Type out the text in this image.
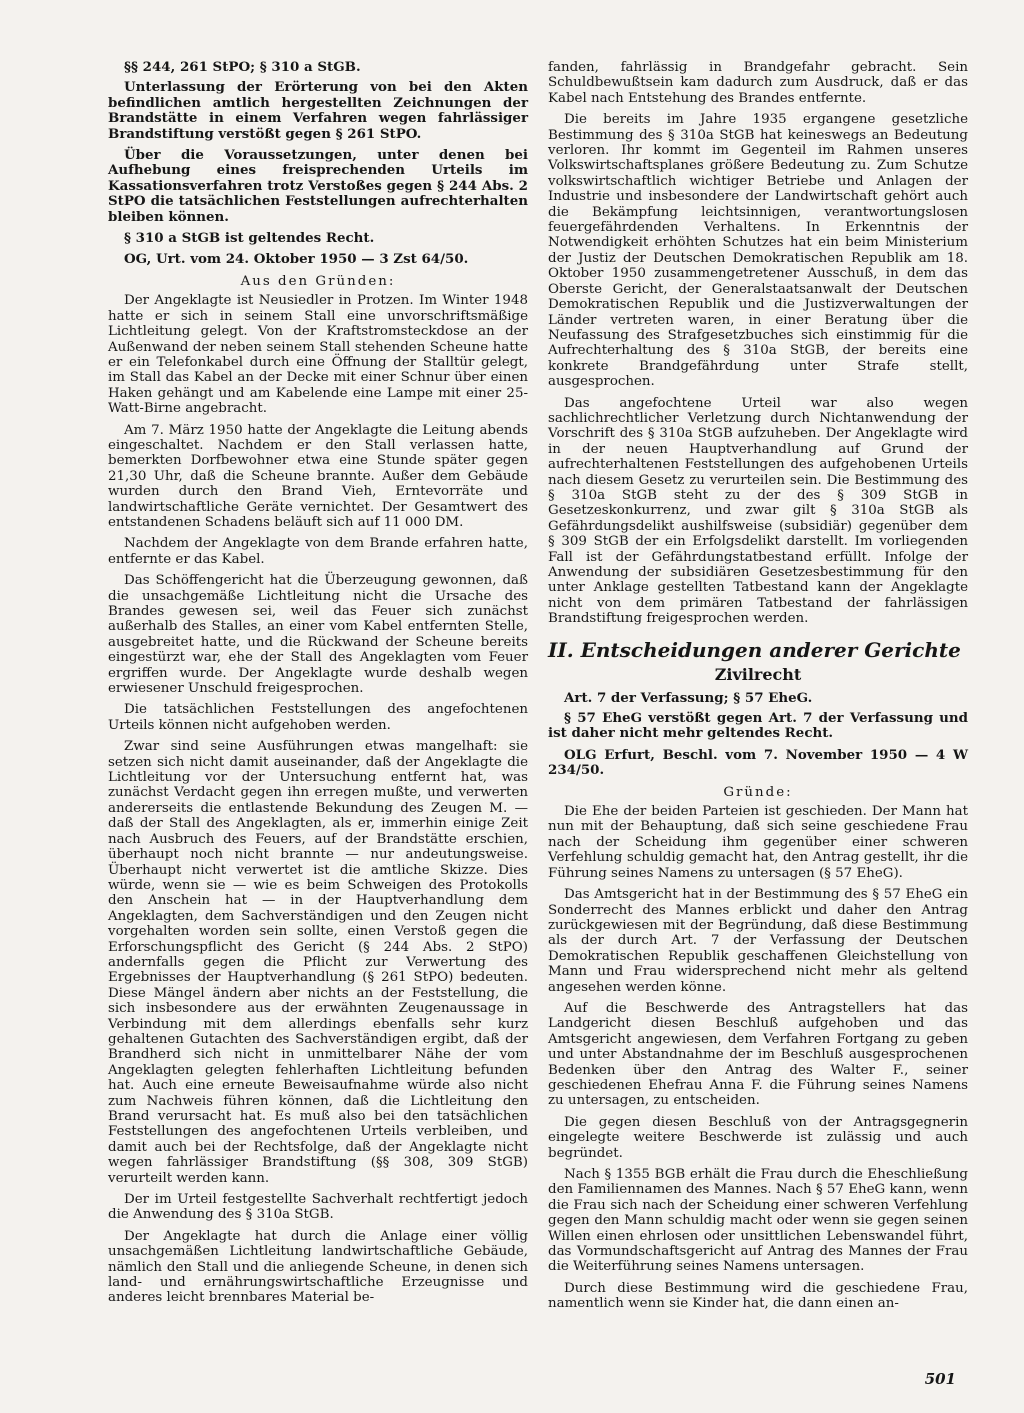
§§ 244, 261 StPO; § 310 a StGB.

Unterlassung der Erörterung von bei den Akten befindlichen amtlich hergestellten Zeichnungen der Brandstätte in einem Verfahren wegen fahrlässiger Brandstiftung verstößt gegen § 261 StPO.

Über die Voraussetzungen, unter denen bei Aufhebung eines freisprechenden Urteils im Kassationsverfahren trotz Verstoßes gegen § 244 Abs. 2 StPO die tatsächlichen Feststellungen aufrechterhalten bleiben können.

§ 310 a StGB ist geltendes Recht.

OG, Urt. vom 24. Oktober 1950 — 3 Zst 64/50.

Aus den Gründen:

Der Angeklagte ist Neusiedler in Protzen. Im Winter 1948 hatte er sich in seinem Stall eine unvorschriftsmäßige Lichtleitung gelegt. Von der Kraftstromsteckdose an der Außenwand der neben seinem Stall stehenden Scheune hatte er ein Telefonkabel durch eine Öffnung der Stalltür gelegt, im Stall das Kabel an der Decke mit einer Schnur über einen Haken gehängt und am Kabelende eine Lampe mit einer 25-Watt-Birne angebracht.

Am 7. März 1950 hatte der Angeklagte die Leitung abends eingeschaltet. Nachdem er den Stall verlassen hatte, bemerkten Dorfbewohner etwa eine Stunde später gegen 21,30 Uhr, daß die Scheune brannte. Außer dem Gebäude wurden durch den Brand Vieh, Erntevorräte und landwirtschaftliche Geräte vernichtet. Der Gesamtwert des entstandenen Schadens beläuft sich auf 11 000 DM.

Nachdem der Angeklagte von dem Brande erfahren hatte, entfernte er das Kabel.

Das Schöffengericht hat die Überzeugung gewonnen, daß die unsachgemäße Lichtleitung nicht die Ursache des Brandes gewesen sei, weil das Feuer sich zunächst außerhalb des Stalles, an einer vom Kabel entfernten Stelle, ausgebreitet hatte, und die Rückwand der Scheune bereits eingestürzt war, ehe der Stall des Angeklagten vom Feuer ergriffen wurde. Der Angeklagte wurde deshalb wegen erwiesener Unschuld freigesprochen.

Die tatsächlichen Feststellungen des angefochtenen Urteils können nicht aufgehoben werden.

Zwar sind seine Ausführungen etwas mangelhaft: sie setzen sich nicht damit auseinander, daß der Angeklagte die Lichtleitung vor der Untersuchung entfernt hat, was zunächst Verdacht gegen ihn erregen mußte, und verwerten andererseits die entlastende Bekundung des Zeugen M. — daß der Stall des Angeklagten, als er, immerhin einige Zeit nach Ausbruch des Feuers, auf der Brandstätte erschien, überhaupt noch nicht brannte — nur andeutungsweise. Überhaupt nicht verwertet ist die amtliche Skizze. Dies würde, wenn sie — wie es beim Schweigen des Protokolls den Anschein hat — in der Hauptverhandlung dem Angeklagten, dem Sachverständigen und den Zeugen nicht vorgehalten worden sein sollte, einen Verstoß gegen die Erforschungspflicht des Gericht (§ 244 Abs. 2 StPO) andernfalls gegen die Pflicht zur Verwertung des Ergebnisses der Hauptverhandlung (§ 261 StPO) bedeuten. Diese Mängel ändern aber nichts an der Feststellung, die sich insbesondere aus der erwähnten Zeugenaussage in Verbindung mit dem allerdings ebenfalls sehr kurz gehaltenen Gutachten des Sachverständigen ergibt, daß der Brandherd sich nicht in unmittelbarer Nähe der vom Angeklagten gelegten fehlerhaften Lichtleitung befunden hat. Auch eine erneute Beweisaufnahme würde also nicht zum Nachweis führen können, daß die Lichtleitung den Brand verursacht hat. Es muß also bei den tatsächlichen Feststellungen des angefochtenen Urteils verbleiben, und damit auch bei der Rechtsfolge, daß der Angeklagte nicht wegen fahrlässiger Brandstiftung (§§ 308, 309 StGB) verurteilt werden kann.

Der im Urteil festgestellte Sachverhalt rechtfertigt jedoch die Anwendung des § 310a StGB.

Der Angeklagte hat durch die Anlage einer völlig unsachgemäßen Lichtleitung landwirtschaftliche Gebäude, nämlich den Stall und die anliegende Scheune, in denen sich land- und ernährungswirtschaftliche Erzeugnisse und anderes leicht brennbares Material be-

fanden, fahrlässig in Brandgefahr gebracht. Sein Schuldbewußtsein kam dadurch zum Ausdruck, daß er das Kabel nach Entstehung des Brandes entfernte.

Die bereits im Jahre 1935 ergangene gesetzliche Bestimmung des § 310a StGB hat keineswegs an Bedeutung verloren. Ihr kommt im Gegenteil im Rahmen unseres Volkswirtschaftsplanes größere Bedeutung zu. Zum Schutze volkswirtschaftlich wichtiger Betriebe und Anlagen der Industrie und insbesondere der Landwirtschaft gehört auch die Bekämpfung leichtsinnigen, verantwortungslosen feuergefährdenden Verhaltens. In Erkenntnis der Notwendigkeit erhöhten Schutzes hat ein beim Ministerium der Justiz der Deutschen Demokratischen Republik am 18. Oktober 1950 zusammengetretener Ausschuß, in dem das Oberste Gericht, der Generalstaatsanwalt der Deutschen Demokratischen Republik und die Justizverwaltungen der Länder vertreten waren, in einer Beratung über die Neufassung des Strafgesetzbuches sich einstimmig für die Aufrechterhaltung des § 310a StGB, der bereits eine konkrete Brandgefährdung unter Strafe stellt, ausgesprochen.

Das angefochtene Urteil war also wegen sachlichrechtlicher Verletzung durch Nichtanwendung der Vorschrift des § 310a StGB aufzuheben. Der Angeklagte wird in der neuen Hauptverhandlung auf Grund der aufrechterhaltenen Feststellungen des aufgehobenen Urteils nach diesem Gesetz zu verurteilen sein. Die Bestimmung des § 310a StGB steht zu der des § 309 StGB in Gesetzeskonkurrenz, und zwar gilt § 310a StGB als Gefährdungsdelikt aushilfsweise (subsidiär) gegenüber dem § 309 StGB der ein Erfolgsdelikt darstellt. Im vorliegenden Fall ist der Gefährdungstatbestand erfüllt. Infolge der Anwendung der subsidiären Gesetzesbestimmung für den unter Anklage gestellten Tatbestand kann der Angeklagte nicht von dem primären Tatbestand der fahrlässigen Brandstiftung freigesprochen werden.

II. Entscheidungen anderer Gerichte
Zivilrecht
Art. 7 der Verfassung; § 57 EheG.

§ 57 EheG verstößt gegen Art. 7 der Verfassung und ist daher nicht mehr geltendes Recht.

OLG Erfurt, Beschl. vom 7. November 1950 — 4 W 234/50.

Gründe:

Die Ehe der beiden Parteien ist geschieden. Der Mann hat nun mit der Behauptung, daß sich seine geschiedene Frau nach der Scheidung ihm gegenüber einer schweren Verfehlung schuldig gemacht hat, den Antrag gestellt, ihr die Führung seines Namens zu untersagen (§ 57 EheG).

Das Amtsgericht hat in der Bestimmung des § 57 EheG ein Sonderrecht des Mannes erblickt und daher den Antrag zurückgewiesen mit der Begründung, daß diese Bestimmung als der durch Art. 7 der Verfassung der Deutschen Demokratischen Republik geschaffenen Gleichstellung von Mann und Frau widersprechend nicht mehr als geltend angesehen werden könne.

Auf die Beschwerde des Antragstellers hat das Landgericht diesen Beschluß aufgehoben und das Amtsgericht angewiesen, dem Verfahren Fortgang zu geben und unter Abstandnahme der im Beschluß ausgesprochenen Bedenken über den Antrag des Walter F., seiner geschiedenen Ehefrau Anna F. die Führung seines Namens zu untersagen, zu entscheiden.

Die gegen diesen Beschluß von der Antragsgegnerin eingelegte weitere Beschwerde ist zulässig und auch begründet.

Nach § 1355 BGB erhält die Frau durch die Eheschließung den Familiennamen des Mannes. Nach § 57 EheG kann, wenn die Frau sich nach der Scheidung einer schweren Verfehlung gegen den Mann schuldig macht oder wenn sie gegen seinen Willen einen ehrlosen oder unsittlichen Lebenswandel führt, das Vormundschaftsgericht auf Antrag des Mannes der Frau die Weiterführung seines Namens untersagen.

Durch diese Bestimmung wird die geschiedene Frau, namentlich wenn sie Kinder hat, die dann einen an-

501
